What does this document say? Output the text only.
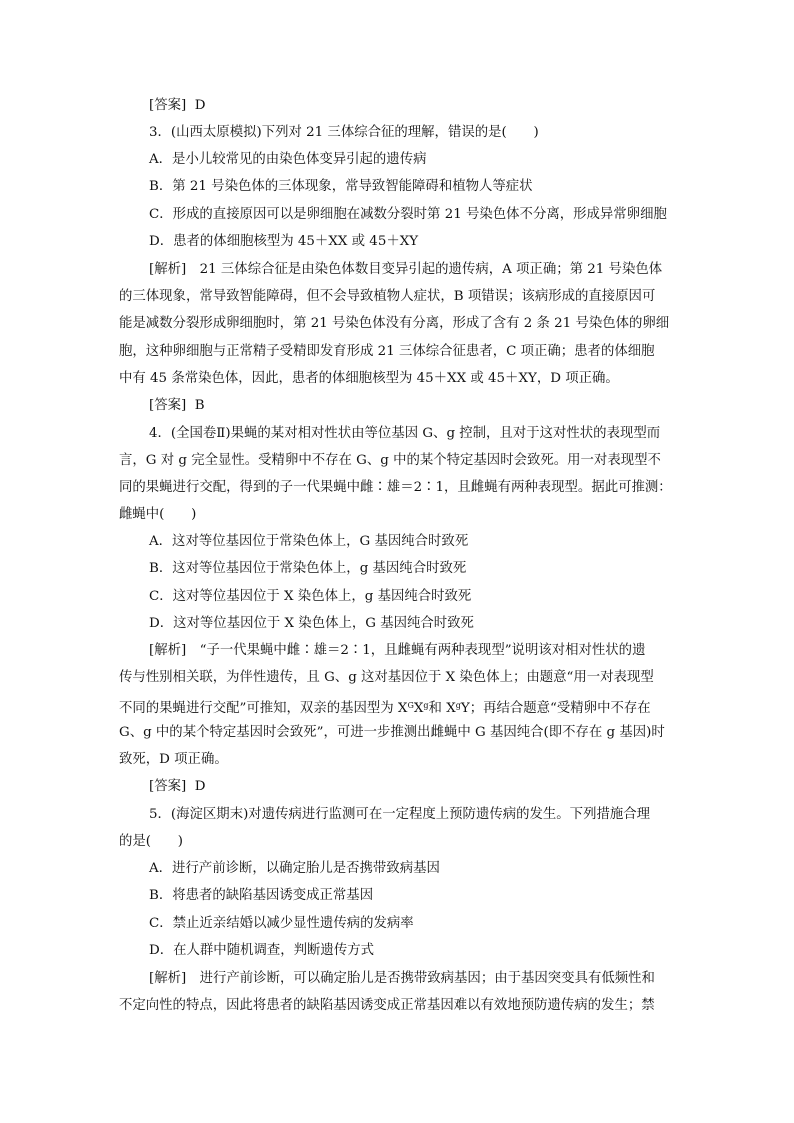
[答案] D
3．(山西太原模拟)下列对 21 三体综合征的理解，错误的是(　　)
A．是小儿较常见的由染色体变异引起的遗传病
B．第 21 号染色体的三体现象，常导致智能障碍和植物人等症状
C．形成的直接原因可以是卵细胞在减数分裂时第 21 号染色体不分离，形成异常卵细胞
D．患者的体细胞核型为 45＋XX 或 45＋XY
[解析]　21 三体综合征是由染色体数目变异引起的遗传病，A 项正确；第 21 号染色体
的三体现象，常导致智能障碍，但不会导致植物人症状，B 项错误；该病形成的直接原因可
能是减数分裂形成卵细胞时，第 21 号染色体没有分离，形成了含有 2 条 21 号染色体的卵细
胞，这种卵细胞与正常精子受精即发育形成 21 三体综合征患者，C 项正确；患者的体细胞
中有 45 条常染色体，因此，患者的体细胞核型为 45＋XX 或 45＋XY，D 项正确。
[答案] B
4．(全国卷Ⅱ)果蝇的某对相对性状由等位基因 G、g 控制，且对于这对性状的表现型而
言，G 对 g 完全显性。受精卵中不存在 G、g 中的某个特定基因时会致死。用一对表现型不
同的果蝇进行交配，得到的子一代果蝇中雌∶雄＝2∶1，且雌蝇有两种表现型。据此可推测：
雌蝇中(　　)
A．这对等位基因位于常染色体上，G 基因纯合时致死
B．这对等位基因位于常染色体上，g 基因纯合时致死
C．这对等位基因位于 X 染色体上，g 基因纯合时致死
D．这对等位基因位于 X 染色体上，G 基因纯合时致死
[解析]　“子一代果蝇中雌∶雄＝2∶1，且雌蝇有两种表现型”说明该对相对性状的遗
传与性别相关联，为伴性遗传，且 G、g 这对基因位于 X 染色体上；由题意“用一对表现型
不同的果蝇进行交配”可推知，双亲的基因型为 $X^GX^g$和 $X^gY$；再结合题意“受精卵中不存在
G、g 中的某个特定基因时会致死”，可进一步推测出雌蝇中 G 基因纯合(即不存在 g 基因)时
致死，D 项正确。
[答案] D
5．(海淀区期末)对遗传病进行监测可在一定程度上预防遗传病的发生。下列措施合理
的是(　　)
A．进行产前诊断，以确定胎儿是否携带致病基因
B．将患者的缺陷基因诱变成正常基因
C．禁止近亲结婚以减少显性遗传病的发病率
D．在人群中随机调查，判断遗传方式
[解析]　进行产前诊断，可以确定胎儿是否携带致病基因；由于基因突变具有低频性和
不定向性的特点，因此将患者的缺陷基因诱变成正常基因难以有效地预防遗传病的发生；禁
